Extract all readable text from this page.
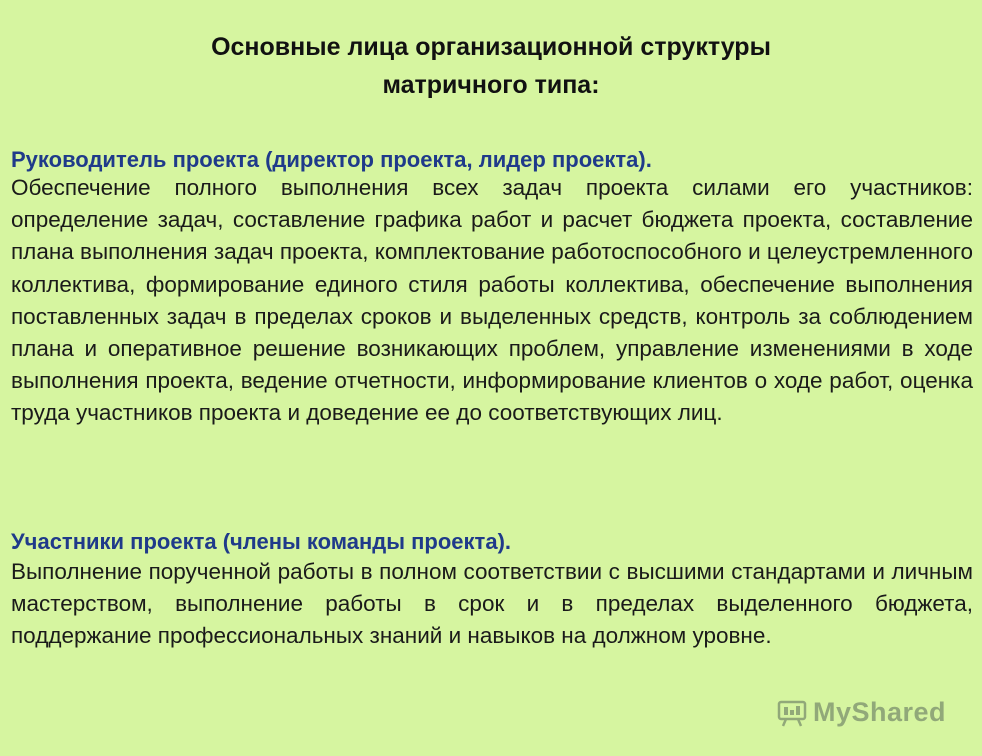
Основные лица организационной структуры
матричного типа:
Руководитель проекта (директор проекта, лидер проекта).
Обеспечение полного выполнения всех задач проекта силами его участников: определение задач, составление графика работ и расчет бюджета проекта, составление плана выполнения задач проекта, комплектование работоспособного и целеустремленного коллектива, формирование единого стиля работы коллектива, обеспечение выполнения поставленных задач в пределах сроков и выделенных средств, контроль за соблюдением плана и оперативное решение возникающих проблем, управление изменениями в ходе выполнения проекта, ведение отчетности, информирование клиентов о ходе работ, оценка труда участников проекта и доведение ее до соответствующих лиц.
Участники проекта (члены команды проекта).
Выполнение порученной работы в полном соответствии с высшими стандартами и личным мастерством, выполнение работы в срок и в пределах выделенного бюджета, поддержание профессиональных знаний и навыков на должном уровне.
MyShared
